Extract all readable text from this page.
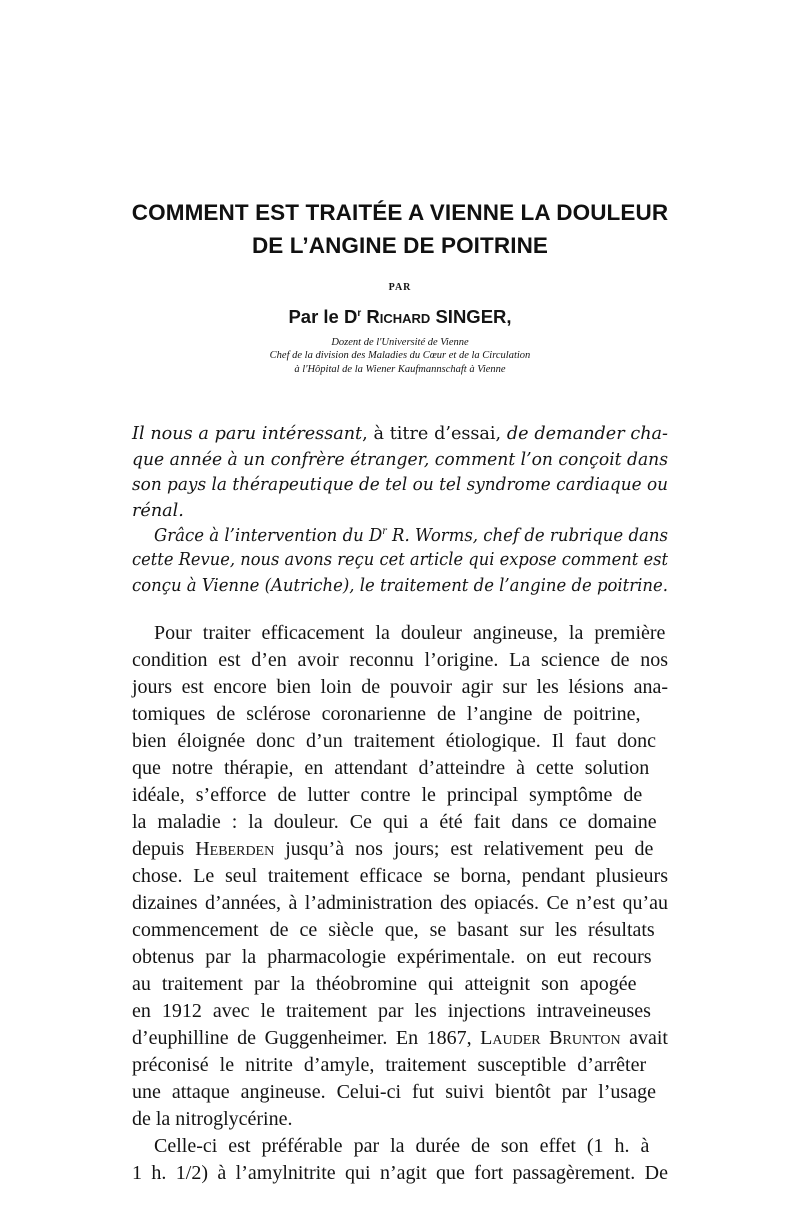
COMMENT EST TRAITÉE A VIENNE LA DOULEUR
DE L’ANGINE DE POITRINE
PAR
Par le $D^r$ Richard SINGER,
Dozent de l'Université de Vienne
Chef de la division des Maladies du Cœur et de la Circulation
à l'Hôpital de la Wiener Kaufmannschaft à Vienne
Il nous a paru intéressant, à titre d’essai, de demander cha-
que année à un confrère étranger, comment l’on conçoit dans
son pays la thérapeutique de tel ou tel syndrome cardiaque ou
rénal.
Grâce à l’intervention du $D^r$ R. Worms, chef de rubrique dans
cette Revue, nous avons reçu cet article qui expose comment est
conçu à Vienne (Autriche), le traitement de l’angine de poitrine.
Pour traiter efficacement la douleur angineuse, la première
condition est d’en avoir reconnu l’origine. La science de nos
jours est encore bien loin de pouvoir agir sur les lésions ana-
tomiques de sclérose coronarienne de l’angine de poitrine,
bien éloignée donc d’un traitement étiologique. Il faut donc
que notre thérapie, en attendant d’atteindre à cette solution
idéale, s’efforce de lutter contre le principal symptôme de
la maladie : la douleur. Ce qui a été fait dans ce domaine
depuis Heberden jusqu’à nos jours; est relativement peu de
chose. Le seul traitement efficace se borna, pendant plusieurs
dizaines d’années, à l’administration des opiacés. Ce n’est qu’au
commencement de ce siècle que, se basant sur les résultats
obtenus par la pharmacologie expérimentale. on eut recours
au traitement par la théobromine qui atteignit son apogée
en 1912 avec le traitement par les injections intraveineuses
d’euphilline de Guggenheimer. En 1867, Lauder Brunton avait
préconisé le nitrite d’amyle, traitement susceptible d’arrêter
une attaque angineuse. Celui-ci fut suivi bientôt par l’usage
de la nitroglycérine.
Celle-ci est préférable par la durée de son effet (1 h. à
1 h. 1/2) à l’amylnitrite qui n’agit que fort passagèrement. De
